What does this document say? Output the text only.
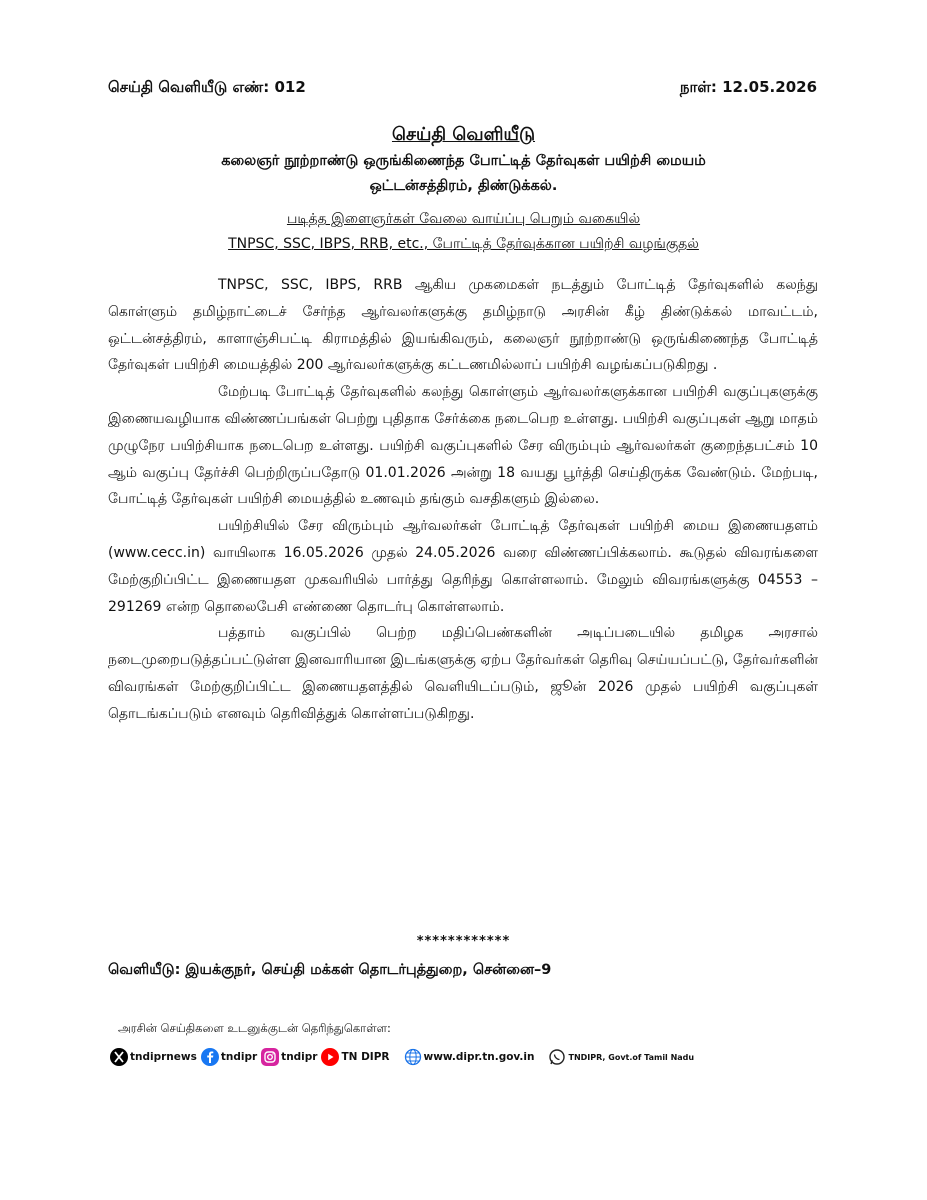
செய்தி வெளியீடு எண்: 012	நாள்: 12.05.2026
செய்தி வெளியீடு
கலைஞர் நூற்றாண்டு ஒருங்கிணைந்த போட்டித் தேர்வுகள் பயிற்சி மையம்
ஒட்டன்சத்திரம், திண்டுக்கல்.
படித்த இளைஞர்கள் வேலை வாய்ப்பு பெறும் வகையில்
TNPSC, SSC, IBPS, RRB, etc., போட்டித் தேர்வுக்கான பயிற்சி வழங்குதல்

TNPSC, SSC, IBPS, RRB ஆகிய முகமைகள் நடத்தும் போட்டித் தேர்வுகளில் கலந்து கொள்ளும் தமிழ்நாட்டைச் சேர்ந்த ஆர்வலர்களுக்கு தமிழ்நாடு அரசின் கீழ் திண்டுக்கல் மாவட்டம், ஒட்டன்சத்திரம், காளாஞ்சிபட்டி கிராமத்தில் இயங்கிவரும், கலைஞர் நூற்றாண்டு ஒருங்கிணைந்த போட்டித் தேர்வுகள் பயிற்சி மையத்தில் 200 ஆர்வலர்களுக்கு கட்டணமில்லாப் பயிற்சி வழங்கப்படுகிறது .

மேற்படி போட்டித் தேர்வுகளில் கலந்து கொள்ளும் ஆர்வலர்களுக்கான பயிற்சி வகுப்புகளுக்கு இணையவழியாக விண்ணப்பங்கள் பெற்று புதிதாக சேர்க்கை நடைபெற உள்ளது. பயிற்சி வகுப்புகள் ஆறு மாதம் முழுநேர பயிற்சியாக நடைபெற உள்ளது. பயிற்சி வகுப்புகளில் சேர விரும்பும் ஆர்வலர்கள் குறைந்தபட்சம் 10 ஆம் வகுப்பு தேர்ச்சி பெற்றிருப்பதோடு 01.01.2026 அன்று 18 வயது பூர்த்தி செய்திருக்க வேண்டும். மேற்படி, போட்டித் தேர்வுகள் பயிற்சி மையத்தில் உணவும் தங்கும் வசதிகளும் இல்லை.

பயிற்சியில் சேர விரும்பும் ஆர்வலர்கள் போட்டித் தேர்வுகள் பயிற்சி மைய இணையதளம் (www.cecc.in) வாயிலாக 16.05.2026 முதல் 24.05.2026 வரை விண்ணப்பிக்கலாம். கூடுதல் விவரங்களை மேற்குறிப்பிட்ட இணையதள முகவரியில் பார்த்து தெரிந்து கொள்ளலாம். மேலும் விவரங்களுக்கு 04553 – 291269 என்ற தொலைபேசி எண்ணை தொடர்பு கொள்ளலாம்.

பத்தாம் வகுப்பில் பெற்ற மதிப்பெண்களின் அடிப்படையில் தமிழக அரசால் நடைமுறைபடுத்தப்பட்டுள்ள இனவாரியான இடங்களுக்கு ஏற்ப தேர்வர்கள் தெரிவு செய்யப்பட்டு, தேர்வர்களின் விவரங்கள் மேற்குறிப்பிட்ட இணையதளத்தில் வெளியிடப்படும், ஜூன் 2026 முதல் பயிற்சி வகுப்புகள் தொடங்கப்படும் எனவும் தெரிவித்துக் கொள்ளப்படுகிறது.

************
வெளியீடு: இயக்குநர், செய்தி மக்கள் தொடர்புத்துறை, சென்னை–9
அரசின் செய்திகளை உடனுக்குடன் தெரிந்துகொள்ள:
tndiprnews tndipr tndipr TN DIPR	www.dipr.tn.gov.in	TNDIPR, Govt.of Tamil Nadu
